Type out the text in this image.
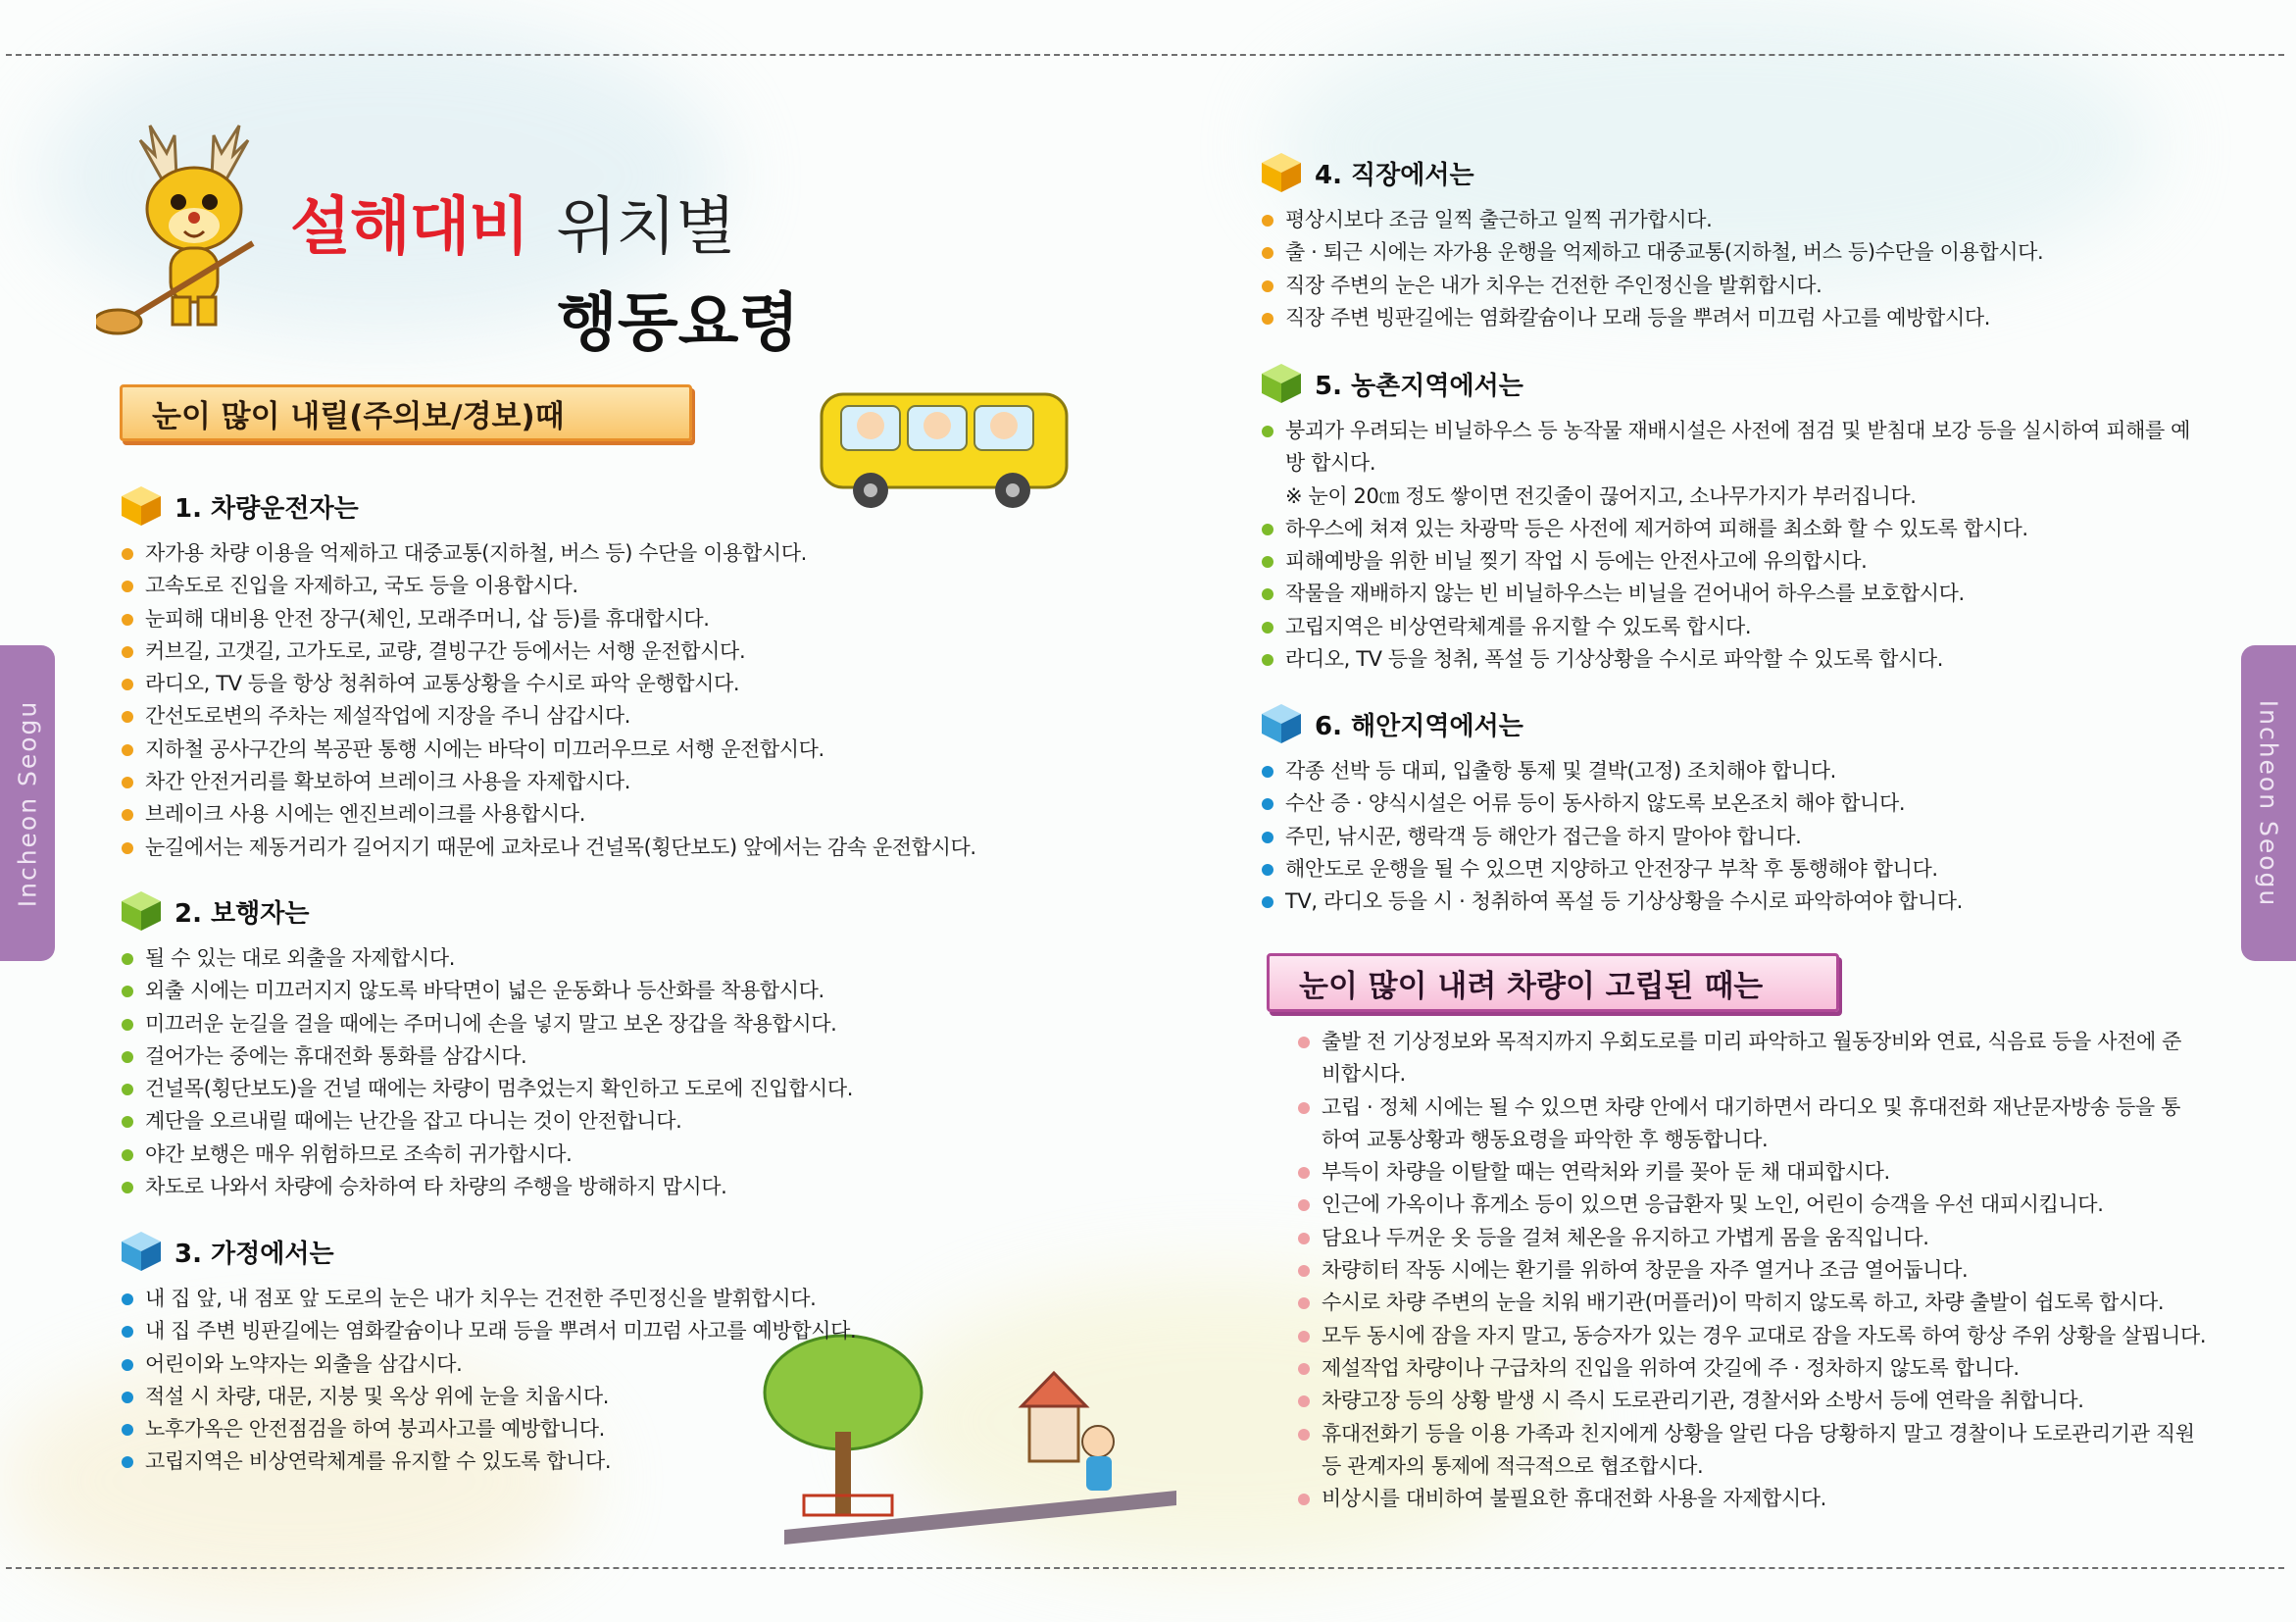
Incheon Seogu	Incheon Seogu
설해대비 위치별
행동요령
눈이 많이 내릴(주의보/경보)때
눈이 많이 내려 차량이 고립된 때는
1. 차량운전자는
자가용 차량 이용을 억제하고 대중교통(지하철, 버스 등) 수단을 이용합시다.
고속도로 진입을 자제하고, 국도 등을 이용합시다.
눈피해 대비용 안전 장구(체인, 모래주머니, 삽 등)를 휴대합시다.
커브길, 고갯길, 고가도로, 교량, 결빙구간 등에서는 서행 운전합시다.
라디오, TV 등을 항상 청취하여 교통상황을 수시로 파악 운행합시다.
간선도로변의 주차는 제설작업에 지장을 주니 삼갑시다.
지하철 공사구간의 복공판 통행 시에는 바닥이 미끄러우므로 서행 운전합시다.
차간 안전거리를 확보하여 브레이크 사용을 자제합시다.
브레이크 사용 시에는 엔진브레이크를 사용합시다.
눈길에서는 제동거리가 길어지기 때문에 교차로나 건널목(횡단보도) 앞에서는 감속 운전합시다.
2. 보행자는
될 수 있는 대로 외출을 자제합시다.
외출 시에는 미끄러지지 않도록 바닥면이 넓은 운동화나 등산화를 착용합시다.
미끄러운 눈길을 걸을 때에는 주머니에 손을 넣지 말고 보온 장갑을 착용합시다.
걸어가는 중에는 휴대전화 통화를 삼갑시다.
건널목(횡단보도)을 건널 때에는 차량이 멈추었는지 확인하고 도로에 진입합시다.
계단을 오르내릴 때에는 난간을 잡고 다니는 것이 안전합니다.
야간 보행은 매우 위험하므로 조속히 귀가합시다.
차도로 나와서 차량에 승차하여 타 차량의 주행을 방해하지 맙시다.
3. 가정에서는
내 집 앞, 내 점포 앞 도로의 눈은 내가 치우는 건전한 주민정신을 발휘합시다.
내 집 주변 빙판길에는 염화칼슘이나 모래 등을 뿌려서 미끄럼 사고를 예방합시다.
어린이와 노약자는 외출을 삼갑시다.
적설 시 차량, 대문, 지붕 및 옥상 위에 눈을 치웁시다.
노후가옥은 안전점검을 하여 붕괴사고를 예방합니다.
고립지역은 비상연락체계를 유지할 수 있도록 합니다.
4. 직장에서는
평상시보다 조금 일찍 출근하고 일찍 귀가합시다.
출 · 퇴근 시에는 자가용 운행을 억제하고 대중교통(지하철, 버스 등)수단을 이용합시다.
직장 주변의 눈은 내가 치우는 건전한 주인정신을 발휘합시다.
직장 주변 빙판길에는 염화칼슘이나 모래 등을 뿌려서 미끄럼 사고를 예방합시다.
5. 농촌지역에서는
붕괴가 우려되는 비닐하우스 등 농작물 재배시설은 사전에 점검 및 받침대 보강 등을 실시하여 피해를 예방 합시다.
※ 눈이 20㎝ 정도 쌓이면 전깃줄이 끊어지고, 소나무가지가 부러집니다.
하우스에 쳐져 있는 차광막 등은 사전에 제거하여 피해를 최소화 할 수 있도록 합시다.
피해예방을 위한 비닐 찢기 작업 시 등에는 안전사고에 유의합시다.
작물을 재배하지 않는 빈 비닐하우스는 비닐을 걷어내어 하우스를 보호합시다.
고립지역은 비상연락체계를 유지할 수 있도록 합시다.
라디오, TV 등을 청취, 폭설 등 기상상황을 수시로 파악할 수 있도록 합시다.
6. 해안지역에서는
각종 선박 등 대피, 입출항 통제 및 결박(고정) 조치해야 합니다.
수산 증 · 양식시설은 어류 등이 동사하지 않도록 보온조치 해야 합니다.
주민, 낚시꾼, 행락객 등 해안가 접근을 하지 말아야 합니다.
해안도로 운행을 될 수 있으면 지양하고 안전장구 부착 후 통행해야 합니다.
TV, 라디오 등을 시 · 청취하여 폭설 등 기상상황을 수시로 파악하여야 합니다.
출발 전 기상정보와 목적지까지 우회도로를 미리 파악하고 월동장비와 연료, 식음료 등을 사전에 준비합시다.
고립 · 정체 시에는 될 수 있으면 차량 안에서 대기하면서 라디오 및 휴대전화 재난문자방송 등을 통하여 교통상황과 행동요령을 파악한 후 행동합니다.
부득이 차량을 이탈할 때는 연락처와 키를 꽂아 둔 채 대피합시다.
인근에 가옥이나 휴게소 등이 있으면 응급환자 및 노인, 어린이 승객을 우선 대피시킵니다.
담요나 두꺼운 옷 등을 걸쳐 체온을 유지하고 가볍게 몸을 움직입니다.
차량히터 작동 시에는 환기를 위하여 창문을 자주 열거나 조금 열어둡니다.
수시로 차량 주변의 눈을 치워 배기관(머플러)이 막히지 않도록 하고, 차량 출발이 쉽도록 합시다.
모두 동시에 잠을 자지 말고, 동승자가 있는 경우 교대로 잠을 자도록 하여 항상 주위 상황을 살핍니다.
제설작업 차량이나 구급차의 진입을 위하여 갓길에 주 · 정차하지 않도록 합니다.
차량고장 등의 상황 발생 시 즉시 도로관리기관, 경찰서와 소방서 등에 연락을 취합니다.
휴대전화기 등을 이용 가족과 친지에게 상황을 알린 다음 당황하지 말고 경찰이나 도로관리기관 직원 등 관계자의 통제에 적극적으로 협조합시다.
비상시를 대비하여 불필요한 휴대전화 사용을 자제합시다.
